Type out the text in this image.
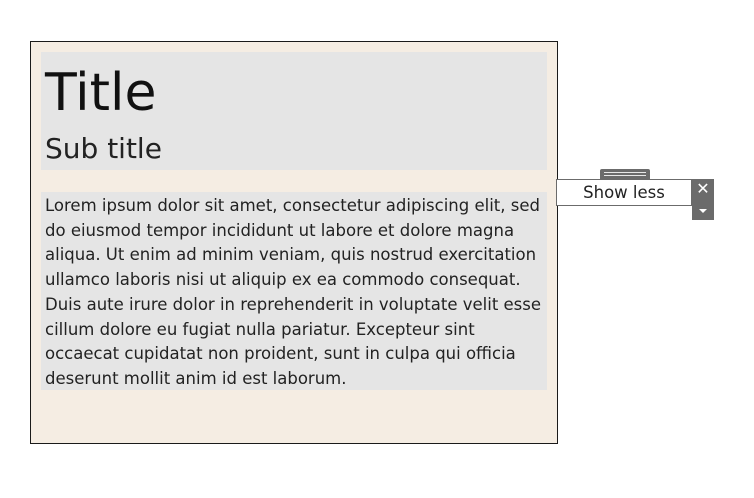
Title
Sub title
Lorem ipsum dolor sit amet, consectetur adipiscing elit, sed do eiusmod tempor incididunt ut labore et dolore magna aliqua. Ut enim ad minim veniam, quis nostrud exercitation ullamco laboris nisi ut aliquip ex ea commodo consequat. Duis aute irure dolor in reprehenderit in voluptate velit esse cillum dolore eu fugiat nulla pariatur. Excepteur sint occaecat cupidatat non proident, sunt in culpa qui officia deserunt mollit anim id est laborum.
Show less	✕
